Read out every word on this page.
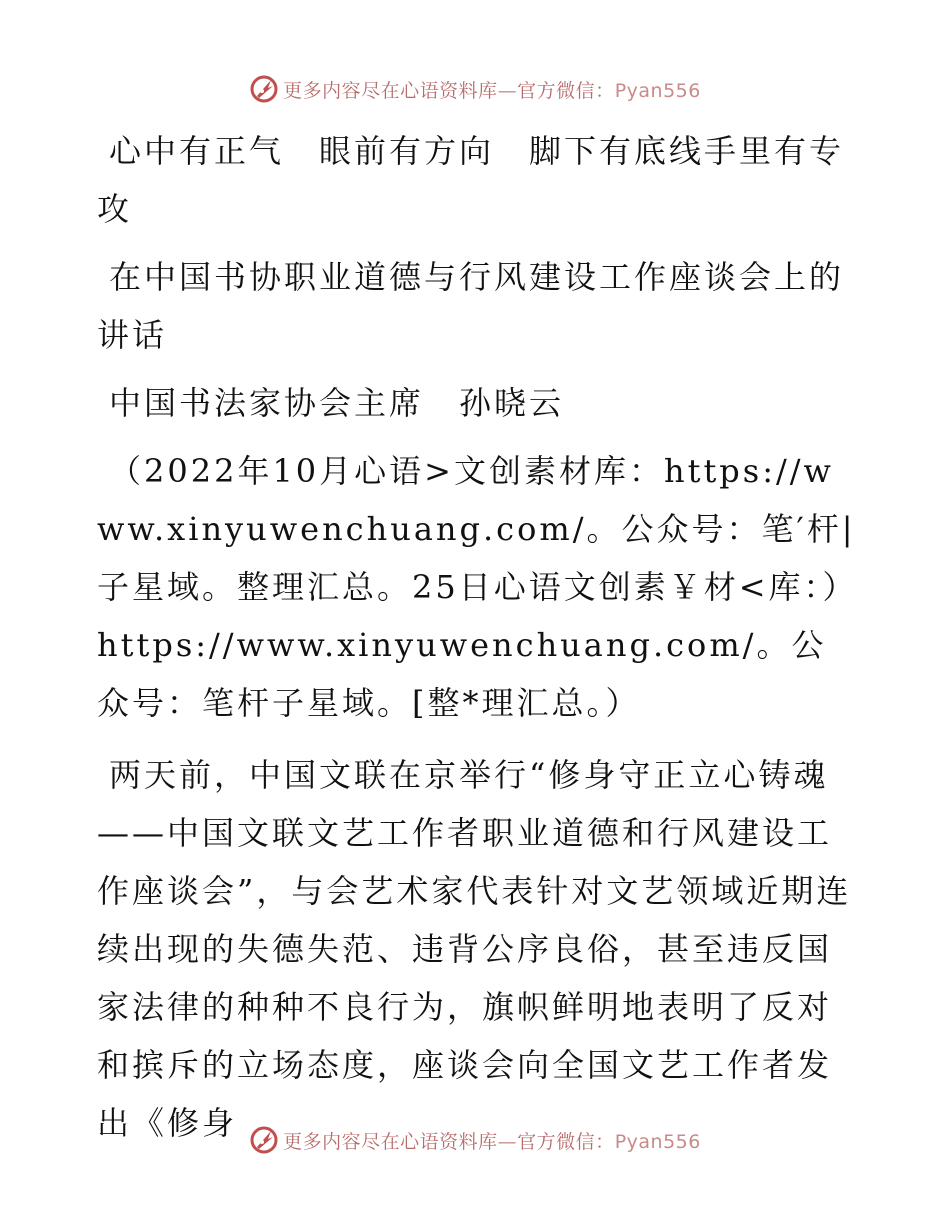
更多内容尽在心语资料库—官方微信：Pyan556

心中有正气　眼前有方向　脚下有底线手里有专攻

在中国书协职业道德与行风建设工作座谈会上的讲话

中国书法家协会主席　孙晓云

（2022年10月心语>文创素材库：https://www.xinyuwenchuang.com/。公众号：笔′杆|子星域。整理汇总。25日心语文创素￥材<库：）https://www.xinyuwenchuang.com/。公众号：笔杆子星域。[整*理汇总。）

两天前，中国文联在京举行“修身守正立心铸魂——中国文联文艺工作者职业道德和行风建设工作座谈会”，与会艺术家代表针对文艺领域近期连续出现的失德失范、违背公序良俗，甚至违反国家法律的种种不良行为，旗帜鲜明地表明了反对和摈斥的立场态度，座谈会向全国文艺工作者发出《修身	更多内容尽在心语资料库—官方微信：Pyan556
